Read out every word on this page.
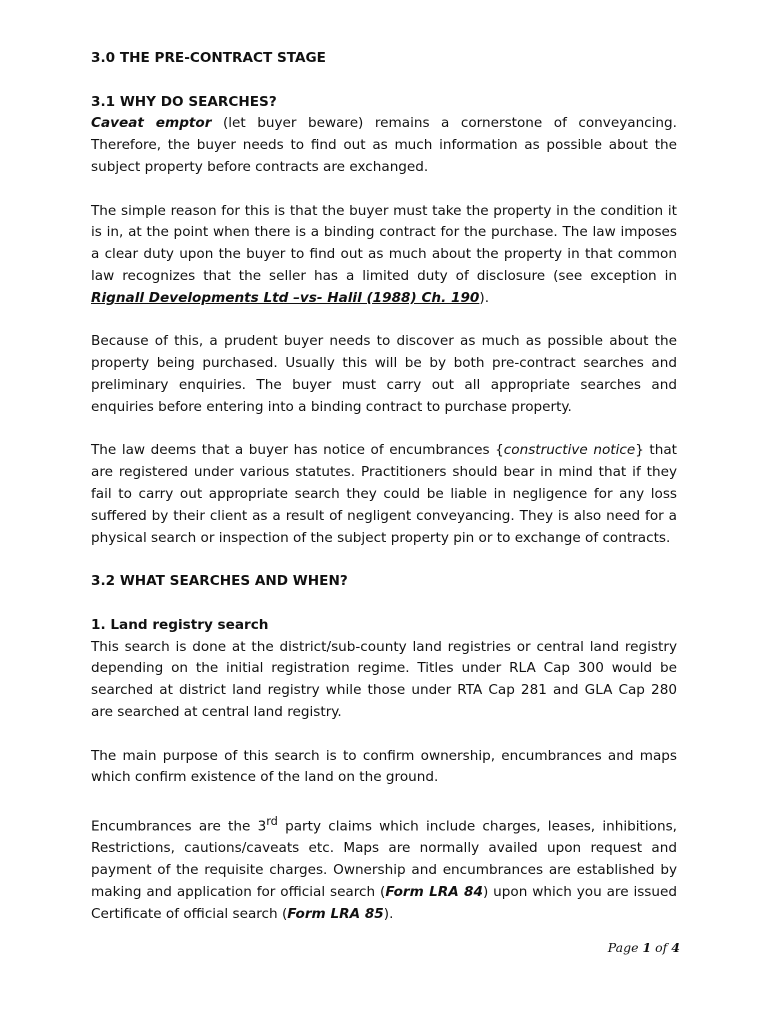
3.0 THE PRE-CONTRACT STAGE
3.1 WHY DO SEARCHES?

Caveat emptor (let buyer beware) remains a cornerstone of conveyancing. Therefore, the buyer needs to find out as much information as possible about the subject property before contracts are exchanged.

The simple reason for this is that the buyer must take the property in the condition it is in, at the point when there is a binding contract for the purchase. The law imposes a clear duty upon the buyer to find out as much about the property in that common law recognizes that the seller has a limited duty of disclosure (see exception in Rignall Developments Ltd –vs- Halil (1988) Ch. 190).

Because of this, a prudent buyer needs to discover as much as possible about the property being purchased. Usually this will be by both pre-contract searches and preliminary enquiries. The buyer must carry out all appropriate searches and enquiries before entering into a binding contract to purchase property.

The law deems that a buyer has notice of encumbrances {constructive notice} that are registered under various statutes. Practitioners should bear in mind that if they fail to carry out appropriate search they could be liable in negligence for any loss suffered by their client as a result of negligent conveyancing. They is also need for a physical search or inspection of the subject property pin or to exchange of contracts.

3.2 WHAT SEARCHES AND WHEN?
1. Land registry search

This search is done at the district/sub-county land registries or central land registry depending on the initial registration regime. Titles under RLA Cap 300 would be searched at district land registry while those under RTA Cap 281 and GLA Cap 280 are searched at central land registry.

The main purpose of this search is to confirm ownership, encumbrances and maps which confirm existence of the land on the ground.

Encumbrances are the 3rd party claims which include charges, leases, inhibitions, Restrictions, cautions/caveats etc. Maps are normally availed upon request and payment of the requisite charges. Ownership and encumbrances are established by making and application for official search (Form LRA 84) upon which you are issued Certificate of official search (Form LRA 85).

Page 1 of 4
